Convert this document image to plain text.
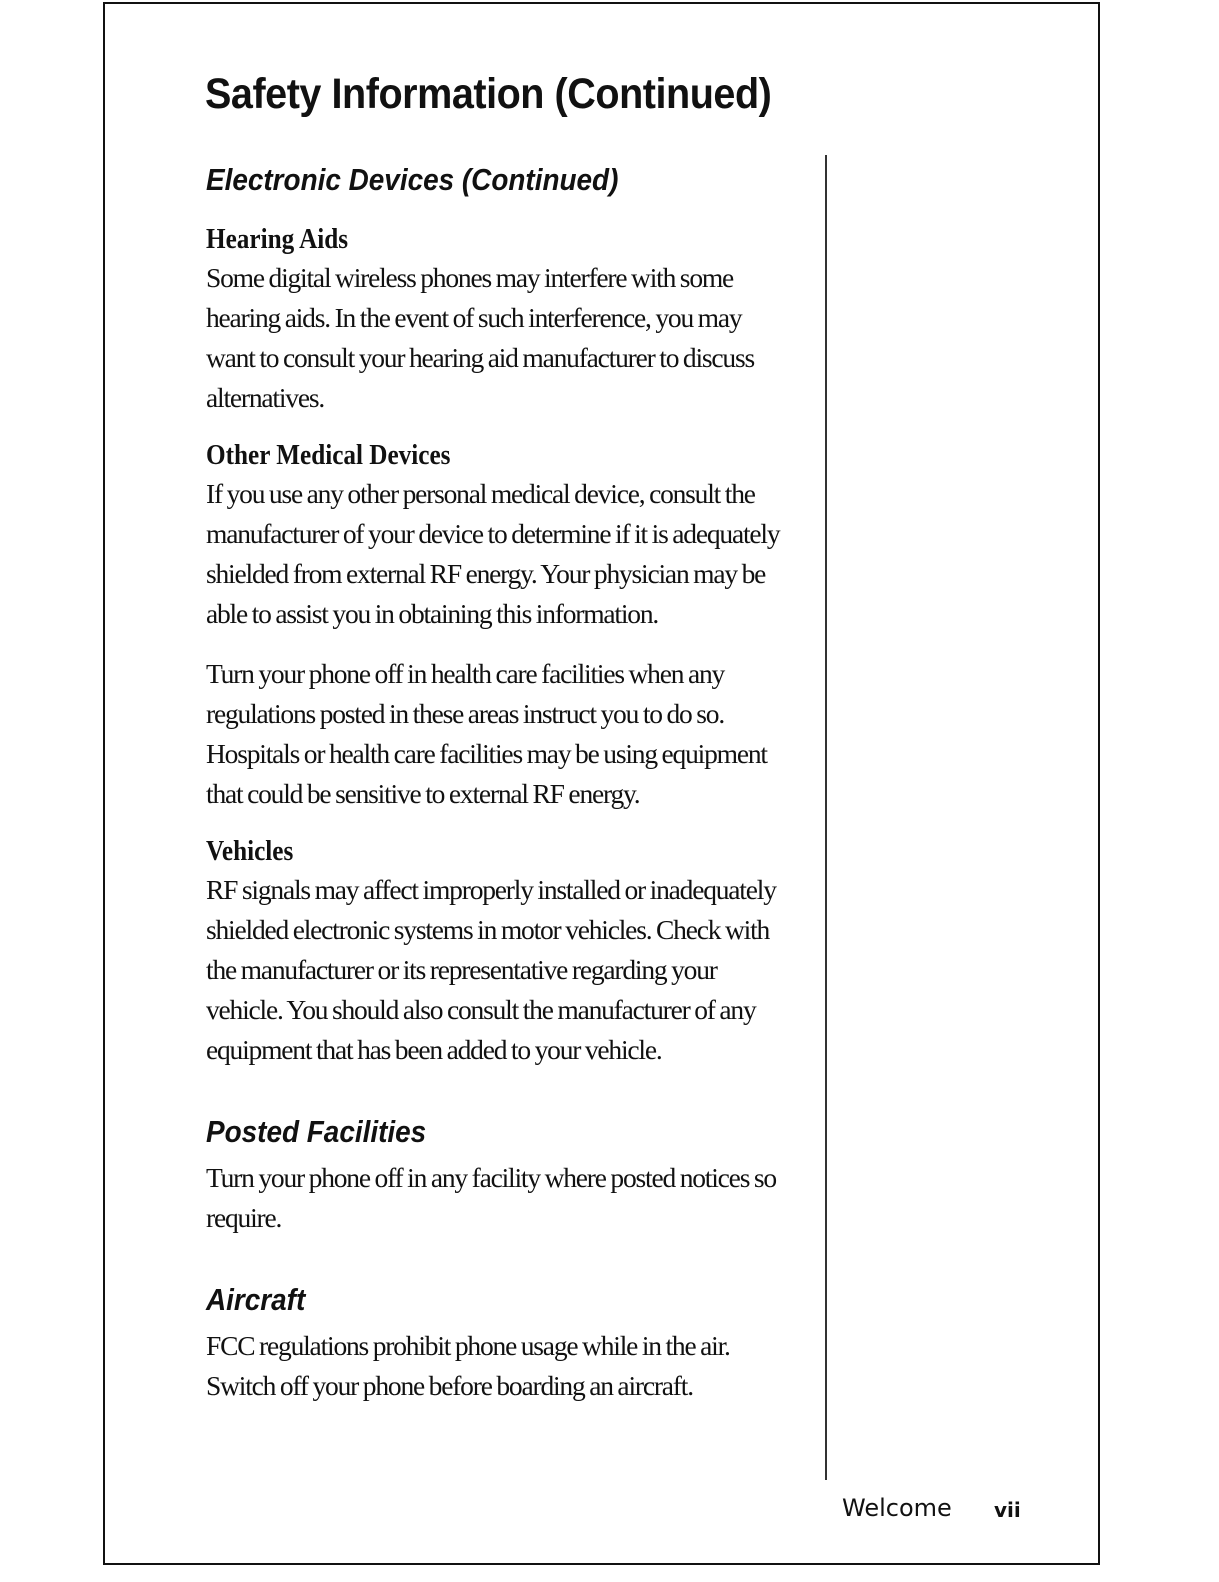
Safety Information (Continued)
Electronic Devices (Continued)
Hearing Aids

Some digital wireless phones may interfere with some
hearing aids. In the event of such interference, you may
want to consult your hearing aid manufacturer to discuss
alternatives.

Other Medical Devices

If you use any other personal medical device, consult the
manufacturer of your device to determine if it is adequately
shielded from external RF energy. Your physician may be
able to assist you in obtaining this information.

Turn your phone off in health care facilities when any
regulations posted in these areas instruct you to do so.
Hospitals or health care facilities may be using equipment
that could be sensitive to external RF energy.

Vehicles

RF signals may affect improperly installed or inadequately
shielded electronic systems in motor vehicles. Check with
the manufacturer or its representative regarding your
vehicle. You should also consult the manufacturer of any
equipment that has been added to your vehicle.

Posted Facilities

Turn your phone off in any facility where posted notices so
require.

Aircraft

FCC regulations prohibit phone usage while in the air.
Switch off your phone before boarding an aircraft.

Welcome vii
